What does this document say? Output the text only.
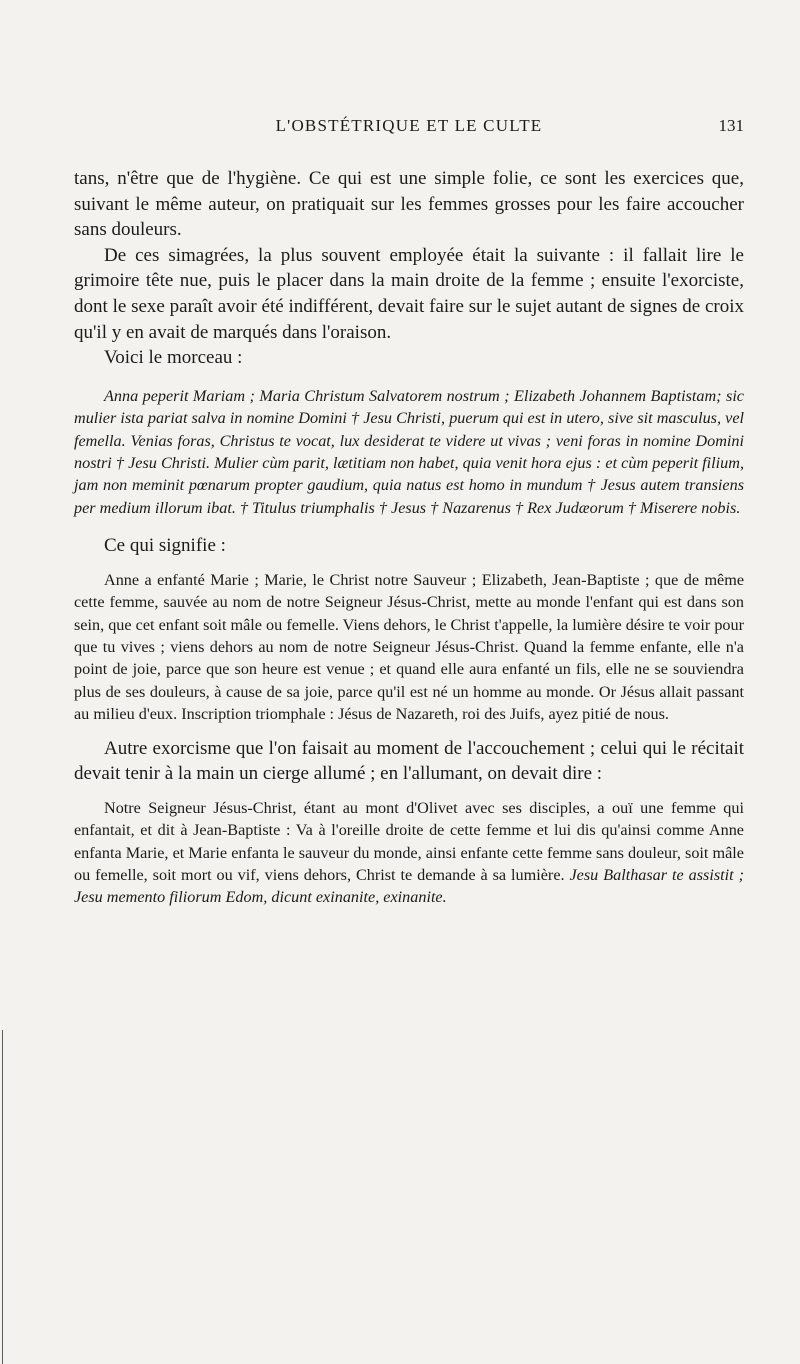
L'OBSTÉTRIQUE ET LE CULTE	131

tans, n'être que de l'hygiène. Ce qui est une simple folie, ce sont les exercices que, suivant le même auteur, on pratiquait sur les femmes grosses pour les faire accoucher sans douleurs.

De ces simagrées, la plus souvent employée était la suivante : il fallait lire le grimoire tête nue, puis le placer dans la main droite de la femme ; ensuite l'exorciste, dont le sexe paraît avoir été indifférent, devait faire sur le sujet autant de signes de croix qu'il y en avait de marqués dans l'oraison.

Voici le morceau :

Anna peperit Mariam ; Maria Christum Salvatorem nostrum ; Elizabeth Johannem Baptistam; sic mulier ista pariat salva in nomine Domini † Jesu Christi, puerum qui est in utero, sive sit masculus, vel femella. Venias foras, Christus te vocat, lux desiderat te videre ut vivas ; veni foras in nomine Domini nostri † Jesu Christi. Mulier cùm parit, lætitiam non habet, quia venit hora ejus : et cùm peperit filium, jam non meminit pœnarum propter gaudium, quia natus est homo in mundum † Jesus autem transiens per medium illorum ibat. † Titulus triumphalis † Jesus † Nazarenus † Rex Judæorum † Miserere nobis.

Ce qui signifie :

Anne a enfanté Marie ; Marie, le Christ notre Sauveur ; Elizabeth, Jean-Baptiste ; que de même cette femme, sauvée au nom de notre Seigneur Jésus-Christ, mette au monde l'enfant qui est dans son sein, que cet enfant soit mâle ou femelle. Viens dehors, le Christ t'appelle, la lumière désire te voir pour que tu vives ; viens dehors au nom de notre Seigneur Jésus-Christ. Quand la femme enfante, elle n'a point de joie, parce que son heure est venue ; et quand elle aura enfanté un fils, elle ne se souviendra plus de ses douleurs, à cause de sa joie, parce qu'il est né un homme au monde. Or Jésus allait passant au milieu d'eux. Inscription triomphale : Jésus de Nazareth, roi des Juifs, ayez pitié de nous.

Autre exorcisme que l'on faisait au moment de l'accouchement ; celui qui le récitait devait tenir à la main un cierge allumé ; en l'allumant, on devait dire :

Notre Seigneur Jésus-Christ, étant au mont d'Olivet avec ses disciples, a ouï une femme qui enfantait, et dit à Jean-Baptiste : Va à l'oreille droite de cette femme et lui dis qu'ainsi comme Anne enfanta Marie, et Marie enfanta le sauveur du monde, ainsi enfante cette femme sans douleur, soit mâle ou femelle, soit mort ou vif, viens dehors, Christ te demande à sa lumière. Jesu Balthasar te assistit ; Jesu memento filiorum Edom, dicunt exinanite, exinanite.
